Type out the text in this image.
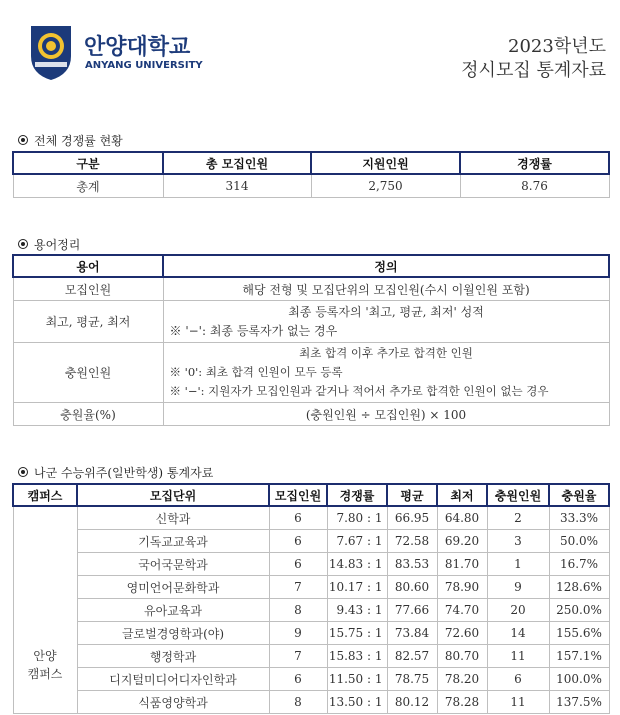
안양대학교
ANYANG UNIVERSITY
2023학년도
정시모집 통계자료
전체 경쟁률 현황
구분	총 모집인원	지원인원	경쟁률
총계	314	2,750	8.76
용어정리
용어	정의
모집인원	해당 전형 및 모집단위의 모집인원(수시 이월인원 포함)

최고, 평균, 최저	최종 등록자의 '최고, 평균, 최저' 성적
※ '−': 최종 등록자가 없는 경우

충원인원	최초 합격 이후 추가로 합격한 인원
※ '0': 최초 합격 인원이 모두 등록
※ '−': 지원자가 모집인원과 같거나 적어서 추가로 합격한 인원이 없는 경우

충원율(%)	(충원인원 ÷ 모집인원) × 100
나군 수능위주(일반학생) 통계자료
캠퍼스	모집단위	모집인원	경쟁률	평균	최저	충원인원	충원율
안양 캠퍼스	신학과	6	7.80 : 1	66.95	64.80	2	33.3%
	기독교교육과	6	7.67 : 1	72.58	69.20	3	50.0%
	국어국문학과	6	14.83 : 1	83.53	81.70	1	16.7%
	영미언어문화학과	7	10.17 : 1	80.60	78.90	9	128.6%
	유아교육과	8	9.43 : 1	77.66	74.70	20	250.0%
	글로벌경영학과(야)	9	15.75 : 1	73.84	72.60	14	155.6%
	행정학과	7	15.83 : 1	82.57	80.70	11	157.1%
	디지털미디어디자인학과	6	11.50 : 1	78.75	78.20	6	100.0%
	식품영양학과	8	13.50 : 1	80.12	78.28	11	137.5%
